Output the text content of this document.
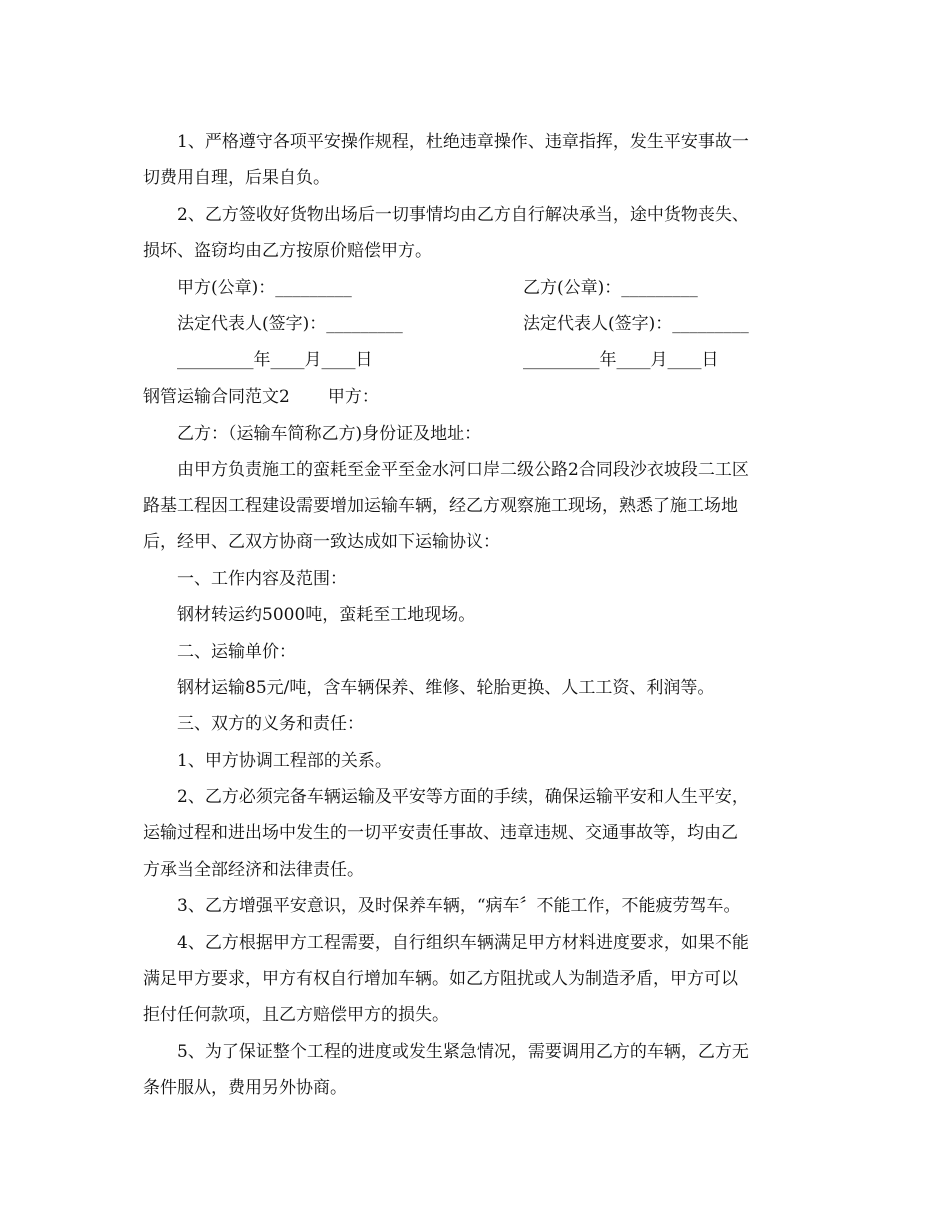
1、严格遵守各项平安操作规程，杜绝违章操作、违章指挥，发生平安事故一
切费用自理，后果自负。
2、乙方签收好货物出场后一切事情均由乙方自行解决承当，途中货物丧失、
损坏、盗窃均由乙方按原价赔偿甲方。
甲方(公章)：_________	乙方(公章)：_________
法定代表人(签字)：_________	法定代表人(签字)：_________
_________年____月____日	_________年____月____日
钢管运输合同范文2 甲方：
乙方：（运输车简称乙方)身份证及地址：
由甲方负责施工的蛮耗至金平至金水河口岸二级公路2合同段沙衣坡段二工区
路基工程因工程建设需要增加运输车辆，经乙方观察施工现场，熟悉了施工场地
后，经甲、乙双方协商一致达成如下运输协议：
一、工作内容及范围：
钢材转运约5000吨，蛮耗至工地现场。
二、运输单价：
钢材运输85元/吨，含车辆保养、维修、轮胎更换、人工工资、利润等。
三、双方的义务和责任：
1、甲方协调工程部的关系。
2、乙方必须完备车辆运输及平安等方面的手续，确保运输平安和人生平安，
运输过程和进出场中发生的一切平安责任事故、违章违规、交通事故等，均由乙
方承当全部经济和法律责任。
3、乙方增强平安意识，及时保养车辆，“病车〞不能工作，不能疲劳驾车。
4、乙方根据甲方工程需要，自行组织车辆满足甲方材料进度要求，如果不能
满足甲方要求，甲方有权自行增加车辆。如乙方阻扰或人为制造矛盾，甲方可以
拒付任何款项，且乙方赔偿甲方的损失。
5、为了保证整个工程的进度或发生紧急情况，需要调用乙方的车辆，乙方无
条件服从，费用另外协商。
